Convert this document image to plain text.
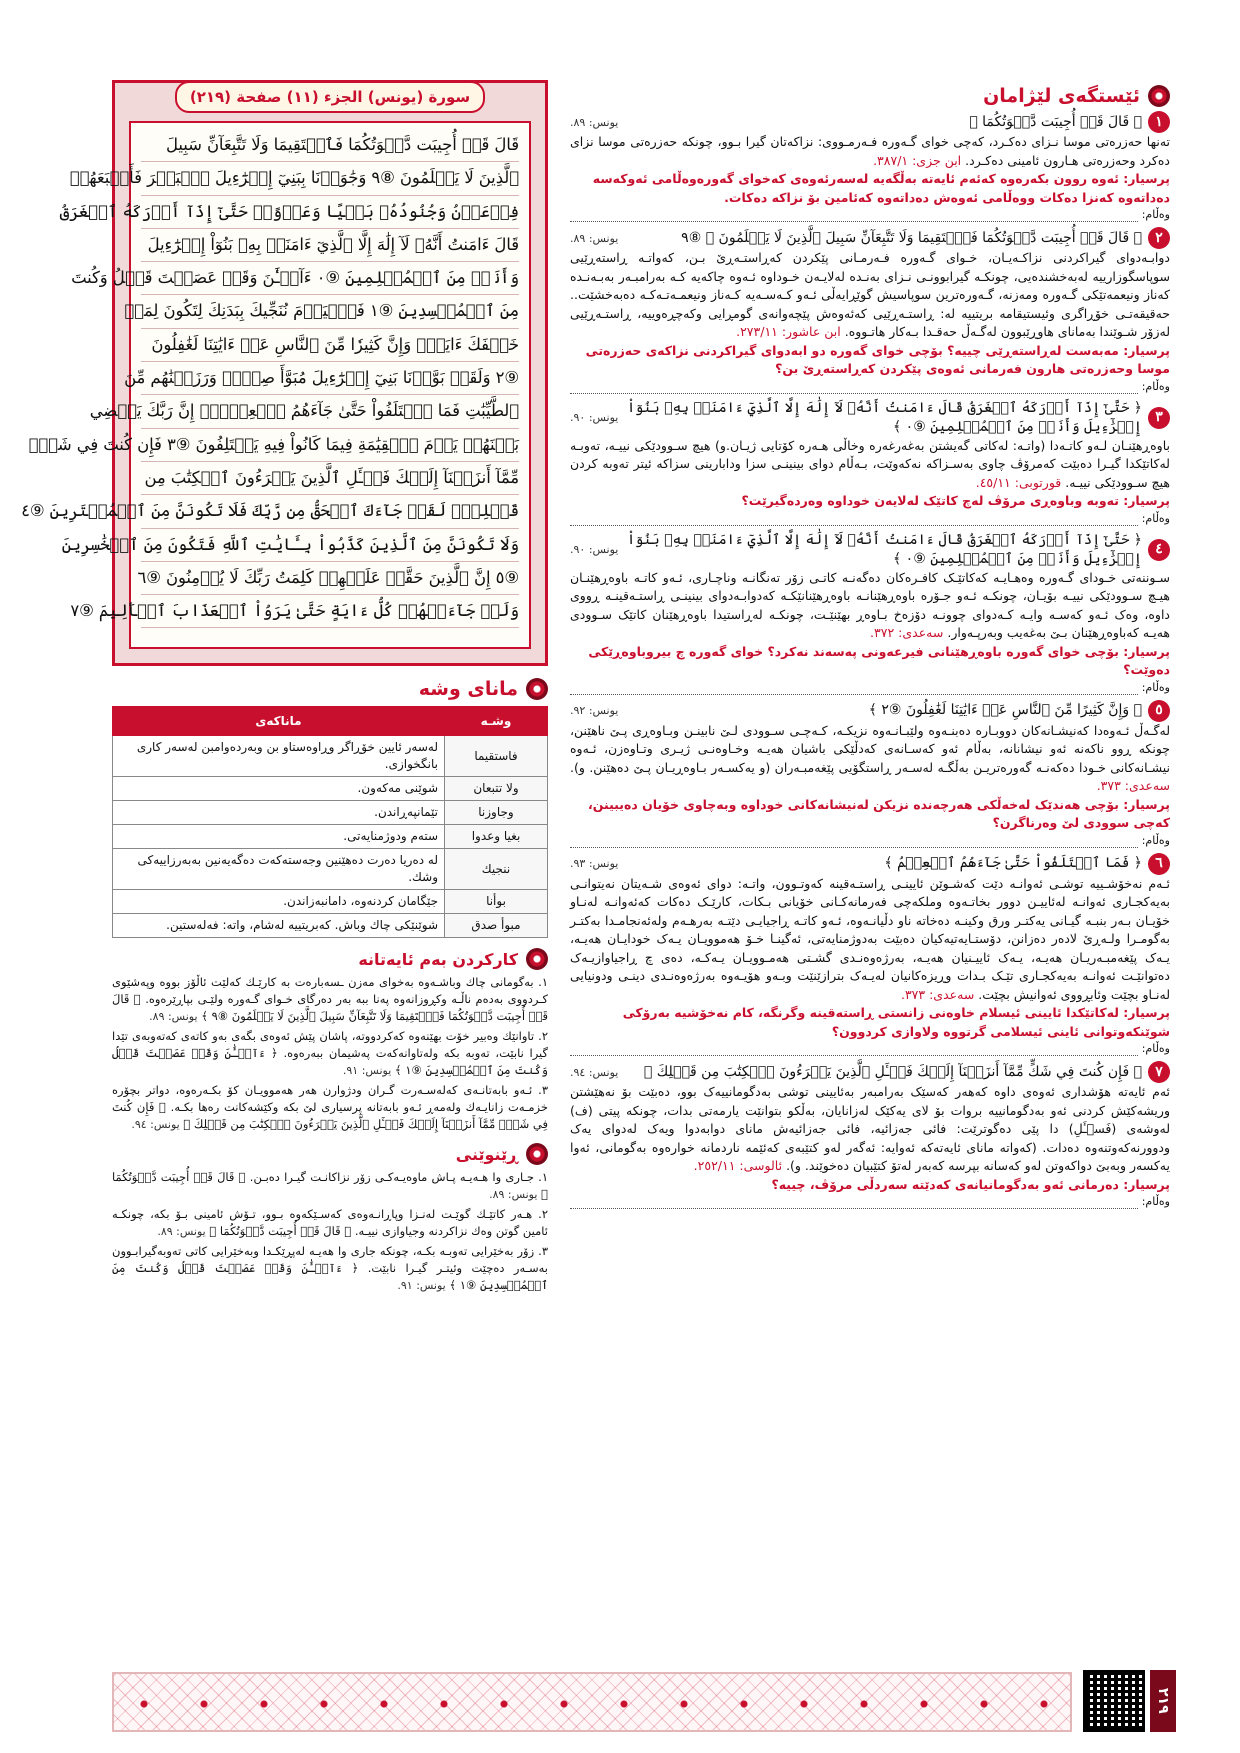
ئێستگەی لێژامان
١
﴿ قَالَ قَدۡ أُجِيبَت دَّعۡوَتُكُمَا ﴾
یونس: ٨٩.
تەنها حەزرەتی موسا نـزای دەکـرد، کەچی خوای گـەورە فـەرمـووی: نزاکەتان گیرا بـوو، چونکە حەزرەتی موسا نزای دەکرد وحەزرەتی هـارون ئامینی دەکـرد. ابن جزی: ٣٨٧/١.
پرسیار: ئەوە روون بکەرەوە کەئەم ئایەتە بەڵگەیە لەسەرئەوەی کەخوای گەورەوەڵامی ئەوکەسە دەداتەوە کەنزا دەکات ووەڵامی ئەوەش دەداتەوە کەئامین بۆ نزاکە دەکات.
وەڵام:
٢
﴿ قَالَ قَدۡ أُجِيبَت دَّعۡوَتُكُمَا فَٱسۡتَقِيمَا وَلَا تَتَّبِعَآنِّ سَبِيلَ ٱلَّذِينَ لَا يَعۡلَمُونَ ﴾ ⑧٩
یونس: ٨٩.
دوابـەدوای گیراکردنی نزاکـەیـان، خـوای گـەورە فـەرمـانی پێکردن کەڕاستـەڕێ بـن، کەواتـە ڕاستەڕێیی سوپاسگوزارییە لەبەخشندەیی، چونکـە گیرابوونـی نـزای بەنـدە لەلایـەن خـوداوە ئـەوە چاکەیە کـە بەرامبـەر بەبـەنـدە کەناز ونیعمەتێکی گـەورە ومەزنە، گـەورەترین سوپاسیش گوێڕایەڵی ئـەو کـەسـەیە کـەناز ونیعمـەتـەکـە دەبەخشێت.. حەقیقەتـی خۆڕاگری وئیستیقامە بریتییە لە: ڕاستـەڕێیی کەئەوەش پێچەوانەی گومڕایی وکەچڕەوییە، ڕاستـەڕێیی لەزۆر شـوێندا بەمانای هاوڕێبوون لەگـەڵ حەقـدا بـەکار هاتـووە. ابن عاشور: ٢٧٣/١١.
پرسیار: مەبەست لەڕاستەڕێی چییە؟ بۆچی خوای گەورە دو ابەدوای گیراکردنی نزاکەی حەزرەتی موسا وحەزرەتی هارون فەرمانی ئەوەی پێکردن کەڕاستەڕێ بن؟
وەڵام:
٣
﴿ حَتَّىٰٓ إِذَآ أَدۡرَكَهُ ٱلۡغَرَقُ قَالَ ءَامَنتُ أَنَّهُۥ لَآ إِلَٰهَ إِلَّا ٱلَّذِيٓ ءَامَنَتۡ بِهِۦ بَنُوٓاْ إِسۡرَٰٓءِيلَ وَأَنَا۠ مِنَ ٱلۡمُسۡلِمِينَ ⑨٠ ﴾
یونس: ٩٠.
باوەڕهێنـان لـەو کاتـەدا (واتـە: لەکاتی گەیشتن بەغەرغەرە وخاڵی هـەرە کۆتایی ژیـان.و) هیچ سـوودێکی نییـە، تەوبـە لەکاتێکدا گیـرا دەبێت کەمرۆڤ چاوی بەسـزاکە نەکەوێت، بـەڵام دوای بینینـی سزا ودابارینی سزاکە ئیتر تەوبە کردن هیچ سـوودێکی نییـە. قورتوبی: ٤٥/١١.
پرسیار: تەوبە وباوەڕی مرۆڤ لەچ کاتێک لەلایەن خوداوە وەرده‌گیرێت؟
وەڵام:
٤
﴿ حَتَّىٰٓ إِذَآ أَدۡرَكَهُ ٱلۡغَرَقُ قَالَ ءَامَنتُ أَنَّهُۥ لَآ إِلَٰهَ إِلَّا ٱلَّذِيٓ ءَامَنَتۡ بِهِۦ بَنُوٓاْ إِسۡرَٰٓءِيلَ وَأَنَا۠ مِنَ ٱلۡمُسۡلِمِينَ ⑨٠ ﴾
یونس: ٩٠.
سـوننەتی خـودای گـەورە وەهـایـە کەکاتێـک کافـرەکان دەگەنـە کاتـی زۆر تەنگانـە وناچـاری، ئـەو کاتـە باوەڕهێنـان هیـچ سـوودێکی نییـە بۆیـان، چونکـە ئـەو جـۆرە باوەڕهێنانـە باوەڕهێنانێکـە کەدوابـەدوای بینینـی ڕاستـەقینـە ڕووی داوە، وەک ئـەو کەسـە وایـە کـەدوای چوونـە دۆزەخ بـاوەڕ بهێنێـت، چونکـە لەڕاستیدا باوەڕهێنان کاتێک سـوودی هەیـە کەباوەڕهێنان بـێ بەغەیب وبەرپـەوار. سەعدی: ٣٧٢.
پرسیار: بۆچی خوای گەورە باوەڕهێنانی فیرعەونی پەسەند نەکرد؟ خوای گەورە چ بیروباوەڕێکی دەوێت؟
وەڵام:
٥
﴿ وَإِنَّ كَثِيرًا مِّنَ ٱلنَّاسِ عَنۡ ءَايَٰتِنَا لَغَٰفِلُونَ ⑨٢ ﴾
یونس: ٩٢.
لەگـەڵ ئـەوەدا کەنیشـانەکان دووبـارە دەبنـەوە ولێبـانـەوە نزیکـە، کـەچـی سـوودی لـێ نابینـن وبـاوەڕی پـێ ناهێنن، چونکە ڕوو ناکەنە ئەو نیشانانە، بەڵام ئەو کەسـانەی کەدڵێکی باشیان هەیـە وخـاوەنـی ژیـری وتـاوەزن، ئـەوە نیشـانەکانی خـودا دەکەنـە گەورەتریـن بەڵگـە لەسـەر ڕاستگۆیی پێغەمبـەران (و یەکسـەر بـاوەڕیـان پـێ دەهێنن. و). سەعدی: ٣٧٣.
پرسیار: بۆچی هەندێک لەخەڵکی هەرچەندە نزیکن لەنیشانەکانی خوداوە وبەچاوی خۆیان دەیبینن، کەچی سوودی لێ وەرناگرن؟
وەڵام:
٦
﴿ فَمَا ٱخۡتَلَفُواْ حَتَّىٰ جَآءَهُمُ ٱلۡعِلۡمُ ﴾
یونس: ٩٣.
ئـەم نەخۆشـییە توشـی ئەوانـە دێت کەشـوێن ئایینـی ڕاستـەقینە کەوتـوون، واتـە: دوای ئەوەی شـەیتان نەیتوانـی بەیەکجـاری ئەوانـە لەئاییـن دوور بخاتـەوە وملکەچی فەرمانەکـانی خۆیانی بـکات، کارێـک دەکات کەئەوانـە لەنـاو خۆیـان بـەر بنبـە گیـانی یەکتـر ورق وکینـە دەخاتە ناو دڵیانـەوە، ئـەو کاتـە ڕاجیایـی دێتـە بەرهـەم ولەئەنجامـدا بەکتـر بەگومـرا ولـەڕێ لادەر دەزانن، دۆستـایەتیەکیان دەبێت بەدوژمنایەتی، ئەگینـا خـۆ هەموویـان یـەک خودایـان هەیـە، یـەک پێغەمبـەریـان هەیـە، یـەک ئاییـنیان هەیـە، بەرژەوەنـدی گشـتی هەمـوویـان یـەکـە، دەی چ ڕاجیاوازیـەک دەتوانێـت ئەوانـە بەیەکجـاری تێـک بـدات وڕیزەکانیان لەیـەک بترازێنێت وبـەو هۆیـەوە بەرژەوەنـدی دینـی ودونیایی لەنـاو بچێت وئابڕووی ئەوانیش بچێت. سەعدی: ٣٧٣.
پرسیار: لەکاتێکدا ئایینی ئیسلام خاوەنی زانستی ڕاستەقینە وگرنگە، کام نەخۆشیە بەرۆکی شوێنکەوتوانی ئاینی ئیسلامی گرتووە ولاوازی کردوون؟
وەڵام:
٧
﴿ فَإِن كُنتَ فِي شَكٍّ مِّمَّآ أَنزَلۡنَآ إِلَيۡكَ فَسۡـَٔلِ ٱلَّذِينَ يَقۡرَءُونَ ٱلۡكِتَٰبَ مِن قَبۡلِكَ ﴾
یونس: ٩٤.
ئەم ئایەتە هۆشداری ئەوەی داوە کەهەر کەسێک بەرامبەر بەئایینی توشی بەدگومانییەک بوو، دەبێت بۆ نەهێشتن وریشەکێش کردنی ئەو بەدگومانییە بروات بۆ لای یەکێک لەزانایان، بەڵکو بتوانێت یارمەتی بدات، چونکە پیتی (ف) لەوشەی (فَسۡـَٔلِ) دا پێی دەگوترێت: فائی جەزائیە، فائی جەزائیەش مانای دوابەدوا ویەک لەدوای یەک ودوورنەکەوتنەوە دەدات. (کەواتە مانای ئایەتەکە ئەوایە: ئەگەر لەو کتێبەی کەئێمە ناردمانە خوارەوە بەگومانی، ئەوا یەکسەر وبەبێ دواکەوتن لەو کەسانە بپرسە کەبەر لەتۆ کتێبیان دەخوێند. و). ئالوسی: ٢٥٢/١١.
پرسیار: دەرمانی ئەو بەدگومانیانەی کەدێتە سەردڵی مرۆڤ، چییە؟
وەڵام:
سورة (يونس) الجزء (١١) صفحة (٢١٩)
قَالَ قَدۡ أُجِيبَت دَّعۡوَتُكُمَا فَٱسۡتَقِيمَا وَلَا تَتَّبِعَآنِّ سَبِيلَ
ٱلَّذِينَ لَا يَعۡلَمُونَ ⑧٩ وَجَٰوَزۡنَا بِبَنِيٓ إِسۡرَٰٓءِيلَ ٱلۡبَحۡرَ فَأَتۡبَعَهُمۡ
فِرۡعَوۡنُ وَجُنُودُهُۥ بَغۡيًا وَعَدۡوًاۖ حَتَّىٰٓ إِذَآ أَدۡرَكَهُ ٱلۡغَرَقُ
قَالَ ءَامَنتُ أَنَّهُۥ لَآ إِلَٰهَ إِلَّا ٱلَّذِيٓ ءَامَنَتۡ بِهِۦ بَنُوٓاْ إِسۡرَٰٓءِيلَ
وَأَنَا۠ مِنَ ٱلۡمُسۡلِمِينَ ⑨٠ ءَآلۡـَٰٔنَ وَقَدۡ عَصَيۡتَ قَبۡلُ وَكُنتَ
مِنَ ٱلۡمُفۡسِدِينَ ⑨١ فَٱلۡيَوۡمَ نُنَجِّيكَ بِبَدَنِكَ لِتَكُونَ لِمَنۡ
خَلۡفَكَ ءَايَةٗۚ وَإِنَّ كَثِيرٗا مِّنَ ٱلنَّاسِ عَنۡ ءَايَٰتِنَا لَغَٰفِلُونَ
⑨٢ وَلَقَدۡ بَوَّأۡنَا بَنِيٓ إِسۡرَٰٓءِيلَ مُبَوَّأَ صِدۡقٖ وَرَزَقۡنَٰهُم مِّنَ
ٱلطَّيِّبَٰتِ فَمَا ٱخۡتَلَفُواْ حَتَّىٰ جَآءَهُمُ ٱلۡعِلۡمُۚ إِنَّ رَبَّكَ يَقۡضِي
بَيۡنَهُمۡ يَوۡمَ ٱلۡقِيَٰمَةِ فِيمَا كَانُواْ فِيهِ يَخۡتَلِفُونَ ⑨٣ فَإِن كُنتَ فِي شَكّٖ
مِّمَّآ أَنزَلۡنَآ إِلَيۡكَ فَسۡـَٔلِ ٱلَّذِينَ يَقۡرَءُونَ ٱلۡكِتَٰبَ مِن
قَبۡلِكَۚ لَقَدۡ جَآءَكَ ٱلۡحَقُّ مِن رَّبِّكَ فَلَا تَكُونَنَّ مِنَ ٱلۡمُمۡتَرِينَ ⑨٤
وَلَا تَكُونَنَّ مِنَ ٱلَّذِينَ كَذَّبُواْ بِـَٔايَٰتِ ٱللَّهِ فَتَكُونَ مِنَ ٱلۡخَٰسِرِينَ
⑨٥ إِنَّ ٱلَّذِينَ حَقَّتۡ عَلَيۡهِمۡ كَلِمَتُ رَبِّكَ لَا يُؤۡمِنُونَ ⑨٦
وَلَوۡ جَآءَتۡهُمۡ كُلُّ ءَايَةٍ حَتَّىٰ يَرَوُاْ ٱلۡعَذَابَ ٱلۡأَلِيمَ ⑨٧
مانای وشە
وشـە	ماناکەی
فاستقیما	لەسەر ئایین خۆڕاگر وڕاوەستاو بن وبەردەوامبن لەسەر کاری بانگخوازی.
ولا تتبعان	شوێنی مەکەون.
وجاوزنا	تێمانپەڕاندن.
بغیا وعدوا	ستەم ودوژمنایەتی.
ننجیك	لە دەریا دەرت دەهێنین وجەستەکەت دەگەیەنین بەبەرزاییەکی وشك.
بوأنا	جێگامان کردنەوە، دامانبەزاندن.
مبوأ صدق	شوێنێکی چاك وباش. کەبریتییە لەشام، واتە: فەلەستین.
کارکردن بەم ئایەتانە
١. بەگومانی چاك وباشـەوە بەخوای مەزن ـسەبارەت بە کارێـك کەلێت ئاڵۆز بووە وپەشێوی کـردووی بەدەم ناڵـە وکڕوزانەوە پەنا ببە بەر دەرگای خـوای گـەورە ولێـی بپاڕێرەوە. ﴿ قَالَ قَدۡ أُجِيبَت دَّعۡوَتُكُمَا فَٱسۡتَقِيمَا وَلَا تَتَّبِعَآنِّ سَبِيلَ ٱلَّذِينَ لَا يَعۡلَمُونَ ⑧٩ ﴾ یونس: ٨٩.
٢. تاوانێك وەبیر خۆت بهێنەوە کەکردووتە، پاشان پێش ئەوەی بگەی بەو کاتەی کەتەوبەی تێدا گیرا نابێت، تەوبە بکە ولەتاوانەکەت پەشیمان ببەرەوە. ﴿ ءَآلۡـَٰٔنَ وَقَدۡ عَصَيۡتَ قَبۡلُ وَكُنتَ مِنَ ٱلۡمُفۡسِدِينَ ⑨١ ﴾ یونس: ٩١.
٣. ئـەو بابەتانـەی کەلەسـەرت گـران ودژوارن هەر هەموویـان کۆ بکـەرەوە، دواتر بچۆرە خزمـەت زانایـەك ولەمەڕ ئـەو بابەتانە پرسیاری لێ بکە وکێشەکانت رەها بکـە. ﴿ فَإِن كُنتَ فِي شَكّٖ مِّمَّآ أَنزَلۡنَآ إِلَيۡكَ فَسۡـَٔلِ ٱلَّذِينَ يَقۡرَءُونَ ٱلۡكِتَٰبَ مِن قَبۡلِكَ ﴾ یونس: ٩٤.
ڕێنوێنی
١. جـاری وا هـەیـە پـاش ماوەیـەکـی زۆر نزاکانـت گیـرا دەبـن. ﴿ قَالَ قَدۡ أُجِيبَت دَّعۡوَتُكُمَا ﴾ یونس: ٨٩.
٢. هـەر کاتێـك گوێـت لەنـزا وپاڕانـەوەی کەسـێکەوە بـوو، تـۆش ئامینی بـۆ بکە، چونکـە ئامین گوتن وەك نزاکردنە وجیاوازی نییـە. ﴿ قَالَ قَدۡ أُجِيبَت دَّعۡوَتُكُمَا ﴾ یونس: ٨٩.
٣. زۆر بەخێرایی تەوبـە بکـە، چونکە جاری وا هەیـە لەپڕێکـدا وبەخێرایی کاتی تەوبەگیرابـوون بەسـەر دەچێت وئیتـر گیـرا نابێت. ﴿ ءَآلۡـَٰٔنَ وَقَدۡ عَصَيۡتَ قَبۡلُ وَكُنتَ مِنَ ٱلۡمُفۡسِدِينَ ⑨١ ﴾ یونس: ٩١.
٢١٩
